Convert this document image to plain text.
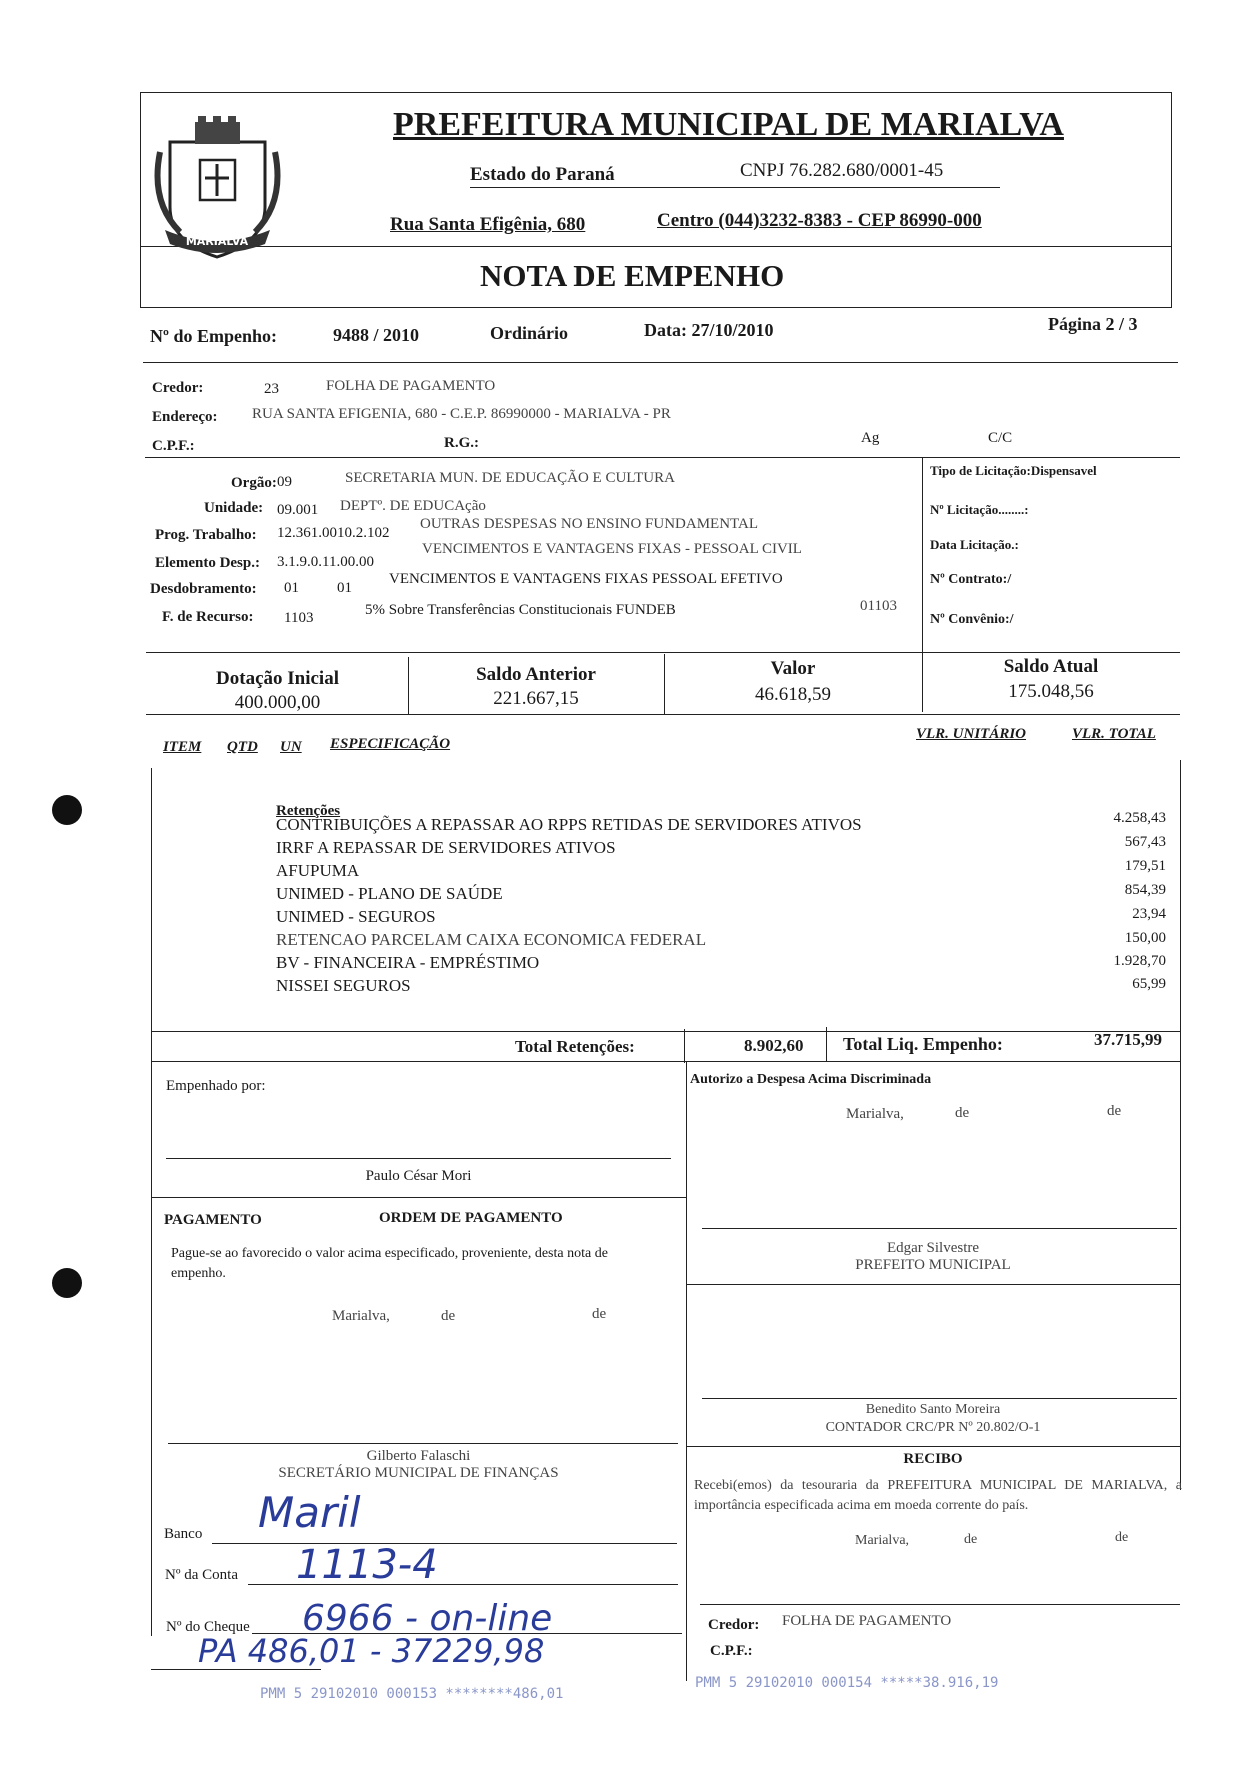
MARIALVA
PREFEITURA MUNICIPAL DE MARIALVA
Estado do Paraná	CNPJ 76.282.680/0001-45
Rua Santa Efigênia, 680	Centro (044)3232-8383 - CEP 86990-000
NOTA DE EMPENHO
Nº do Empenho:	9488 / 2010	Ordinário	Data: 27/10/2010	Página 2 / 3
Credor:	23	FOLHA DE PAGAMENTO
Endereço: RUA SANTA EFIGENIA, 680 - C.E.P. 86990000 - MARIALVA - PR
C.P.F.:	R.G.:	Ag	C/C
Orgão: 09	SECRETARIA MUN. DE EDUCAÇÃO E CULTURA
Unidade: 09.001 DEPTº. DE EDUCAção
Prog. Trabalho: 12.361.0010.2.102
OUTRAS DESPESAS NO ENSINO FUNDAMENTAL
Elemento Desp.: 3.1.9.0.11.00.00
VENCIMENTOS E VANTAGENS FIXAS - PESSOAL CIVIL
Desdobramento: 01	01
VENCIMENTOS E VANTAGENS FIXAS PESSOAL EFETIVO
F. de Recurso: 1103	5% Sobre Transferências Constitucionais FUNDEB	01103
Tipo de Licitação:Dispensavel
Nº Licitação........:
Data Licitação.:
Nº Contrato:/
Nº Convênio:/
Dotação Inicial
400.000,00
Saldo Anterior
221.667,15
Valor
46.618,59
Saldo Atual
175.048,56
ITEM QTD UN ESPECIFICAÇÃO
VLR. UNITÁRIO	VLR. TOTAL
Retenções
CONTRIBUIÇÕES A REPASSAR AO RPPS RETIDAS DE SERVIDORES ATIVOS	4.258,43
IRRF A REPASSAR DE SERVIDORES ATIVOS	567,43
AFUPUMA	179,51
UNIMED - PLANO DE SAÚDE	854,39
UNIMED - SEGUROS	23,94
RETENCAO PARCELAM CAIXA ECONOMICA FEDERAL	150,00
BV - FINANCEIRA - EMPRÉSTIMO	1.928,70
NISSEI SEGUROS	65,99
Total Retenções:	8.902,60 Total Liq. Empenho:	37.715,99
Empenhado por:
Paulo César Mori
Autorizo a Despesa Acima Discriminada
Marialva,	de	de
Edgar Silvestre
PREFEITO MUNICIPAL
PAGAMENTO	ORDEM DE PAGAMENTO
Pague-se ao favorecido o valor acima especificado, proveniente, desta nota de empenho.
Marialva,	de	de
Benedito Santo Moreira
CONTADOR CRC/PR Nº 20.802/O-1
Gilberto Falaschi
SECRETÁRIO MUNICIPAL DE FINANÇAS
RECIBO
Recebi(emos) da tesouraria da PREFEITURA MUNICIPAL DE MARIALVA, a importância especificada acima em moeda corrente do país.
Marialva,	de	de
Credor: FOLHA DE PAGAMENTO
C.P.F.:
Banco Maril
Nº da Conta 1113-4
Nº do Cheque 6966 - on-line
PA 486,01 - 37229,98
PMM 5 29102010 000153 ********486,01
PMM 5 29102010 000154 *****38.916,19
